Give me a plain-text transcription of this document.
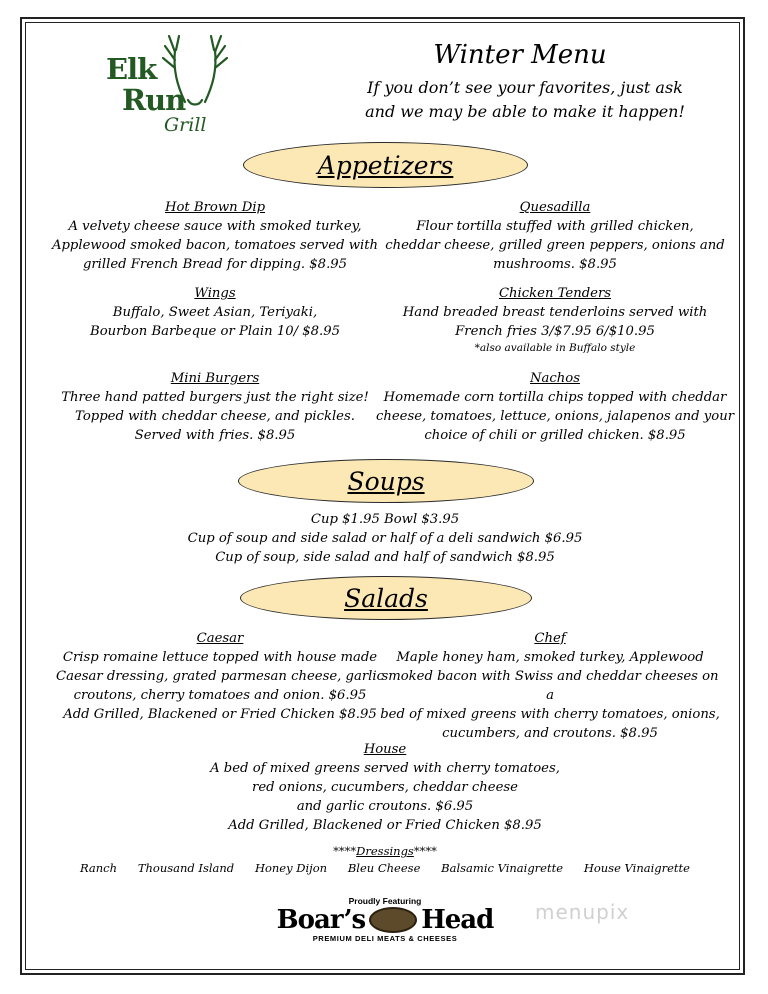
Elk
Run
Grill
Winter Menu
If you don’t see your favorites, just ask
and we may be able to make it happen!
Appetizers
Hot Brown Dip
A velvety cheese sauce with smoked turkey,
Applewood smoked bacon, tomatoes served with
grilled French Bread for dipping. $8.95
Quesadilla
Flour tortilla stuffed with grilled chicken,
cheddar cheese, grilled green peppers, onions and
mushrooms. $8.95
Wings
Buffalo, Sweet Asian, Teriyaki,
Bourbon Barbeque or Plain 10/ $8.95
Chicken Tenders
Hand breaded breast tenderloins served with
French fries 3/$7.95 6/$10.95
*also available in Buffalo style
Mini Burgers
Three hand patted burgers just the right size!
Topped with cheddar cheese, and pickles.
Served with fries. $8.95
Nachos
Homemade corn tortilla chips topped with cheddar
cheese, tomatoes, lettuce, onions, jalapenos and your
choice of chili or grilled chicken. $8.95
Soups
Cup $1.95 Bowl $3.95
Cup of soup and side salad or half of a deli sandwich $6.95
Cup of soup, side salad and half of sandwich $8.95
Salads
Caesar
Crisp romaine lettuce topped with house made
Caesar dressing, grated parmesan cheese, garlic
croutons, cherry tomatoes and onion. $6.95
Add Grilled, Blackened or Fried Chicken $8.95
Chef
Maple honey ham, smoked turkey, Applewood
smoked bacon with Swiss and cheddar cheeses on a
bed of mixed greens with cherry tomatoes, onions,
cucumbers, and croutons. $8.95
House
A bed of mixed greens served with cherry tomatoes,
red onions, cucumbers, cheddar cheese
and garlic croutons. $6.95
Add Grilled, Blackened or Fried Chicken $8.95
****Dressings****
Ranch Thousand Island Honey Dijon Bleu Cheese Balsamic Vinaigrette House Vinaigrette
Proudly Featuring
Boar’s Head
PREMIUM DELI MEATS & CHEESES
menupix
